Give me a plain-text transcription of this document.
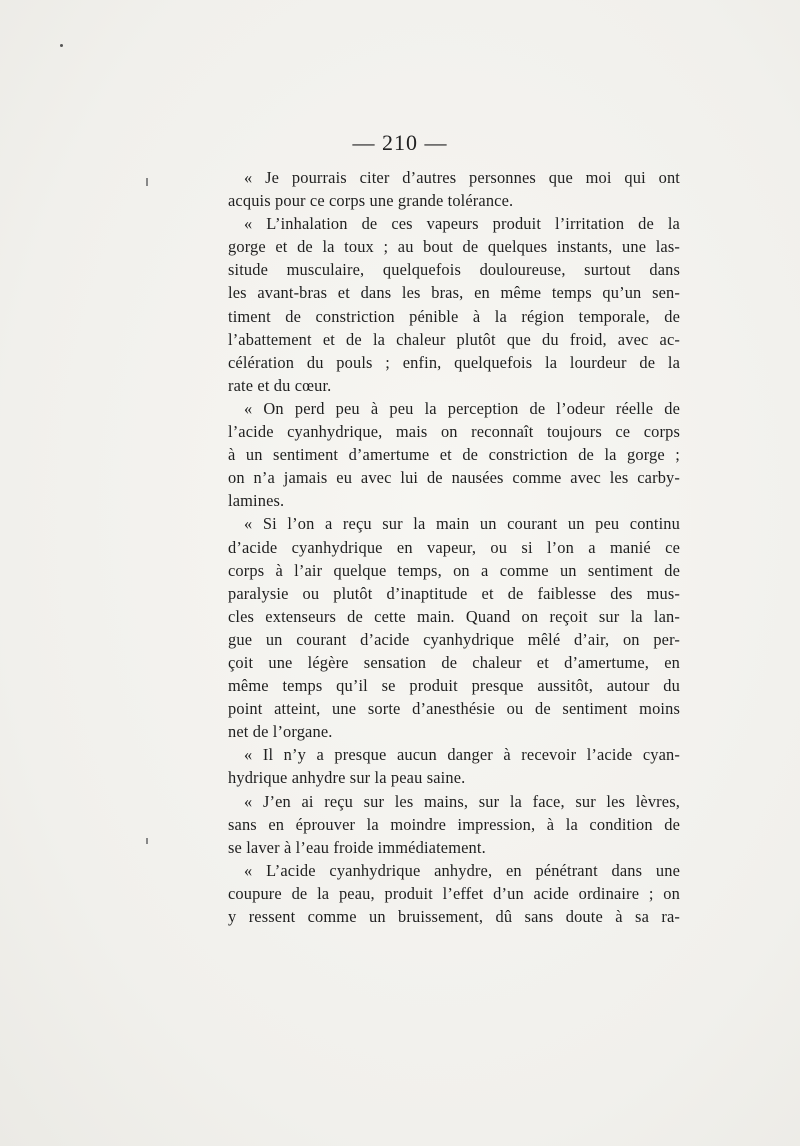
— 210 —
« Je pourrais citer d’autres personnes que moi qui ont
acquis pour ce corps une grande tolérance.
« L’inhalation de ces vapeurs produit l’irritation de la
gorge et de la toux ; au bout de quelques instants, une las-
situde musculaire, quelquefois douloureuse, surtout dans
les avant-bras et dans les bras, en même temps qu’un sen-
timent de constriction pénible à la région temporale, de
l’abattement et de la chaleur plutôt que du froid, avec ac-
célération du pouls ; enfin, quelquefois la lourdeur de la
rate et du cœur.
« On perd peu à peu la perception de l’odeur réelle de
l’acide cyanhydrique, mais on reconnaît toujours ce corps
à un sentiment d’amertume et de constriction de la gorge ;
on n’a jamais eu avec lui de nausées comme avec les carby-
lamines.
« Si l’on a reçu sur la main un courant un peu continu
d’acide cyanhydrique en vapeur, ou si l’on a manié ce
corps à l’air quelque temps, on a comme un sentiment de
paralysie ou plutôt d’inaptitude et de faiblesse des mus-
cles extenseurs de cette main. Quand on reçoit sur la lan-
gue un courant d’acide cyanhydrique mêlé d’air, on per-
çoit une légère sensation de chaleur et d’amertume, en
même temps qu’il se produit presque aussitôt, autour du
point atteint, une sorte d’anesthésie ou de sentiment moins
net de l’organe.
« Il n’y a presque aucun danger à recevoir l’acide cyan-
hydrique anhydre sur la peau saine.
« J’en ai reçu sur les mains, sur la face, sur les lèvres,
sans en éprouver la moindre impression, à la condition de
se laver à l’eau froide immédiatement.
« L’acide cyanhydrique anhydre, en pénétrant dans une
coupure de la peau, produit l’effet d’un acide ordinaire ; on
y ressent comme un bruissement, dû sans doute à sa ra-
